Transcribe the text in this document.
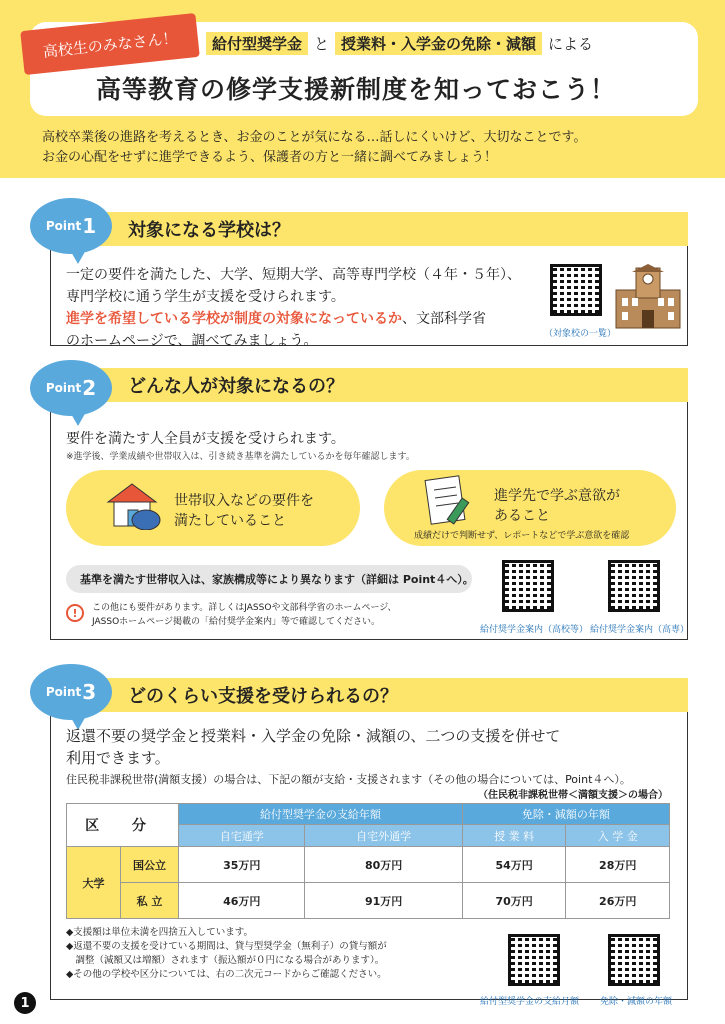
高校生のみなさん！	給付型奨学金 と 授業料・入学金の免除・減額 による
高等教育の修学支援新制度を知っておこう！
高校卒業後の進路を考えるとき、お金のことが気になる…話しにくいけど、大切なことです。
お金の心配をせずに進学できるよう、保護者の方と一緒に調べてみましょう！
対象になる学校は？
Point 1
一定の要件を満たした、大学、短期大学、高等専門学校（４年・５年）、
専門学校に通う学生が支援を受けられます。
進学を希望している学校が制度の対象になっているか、文部科学省
のホームページで、調べてみましょう。	（対象校の一覧）
どんな人が対象になるの？
Point 2
要件を満たす人全員が支援を受けられます。
※進学後、学業成績や世帯収入は、引き続き基準を満たしているかを毎年確認します。
世帯収入などの要件を
満たしていること
進学先で学ぶ意欲が
あること
成績だけで判断せず、レポートなどで学ぶ意欲を確認
基準を満たす世帯収入は、家族構成等により異なります（詳細は Point４へ）。
!	この他にも要件があります。詳しくはJASSOや文部科学省のホームページ、
JASSOホームページ掲載の「給付奨学金案内」等で確認してください。
給付奨学金案内（高校等） 給付奨学金案内（高専）
どのくらい支援を受けられるの？
Point 3
返還不要の奨学金と授業料・入学金の免除・減額の、二つの支援を併せて
利用できます。
住民税非課税世帯(満額支援）の場合は、下記の額が支給・支援されます（その他の場合については、Point４へ）。
（住民税非課税世帯＜満額支援＞の場合）
区 分		給付型奨学金の支給年額		免除・減額の年額	
		自宅通学	自宅外通学	授 業 料	入 学 金
大学	国公立	35万円	80万円	54万円	28万円
	私 立	46万円	91万円	70万円	26万円
◆支援額は単位未満を四捨五入しています。
◆返還不要の支援を受けている期間は、貸与型奨学金（無利子）の貸与額が
　調整（減額又は増額）されます（振込額が０円になる場合があります）。
◆その他の学校や区分については、右の二次元コードからご確認ください。
給付型奨学金の支給月額 免除・減額の年額
1
